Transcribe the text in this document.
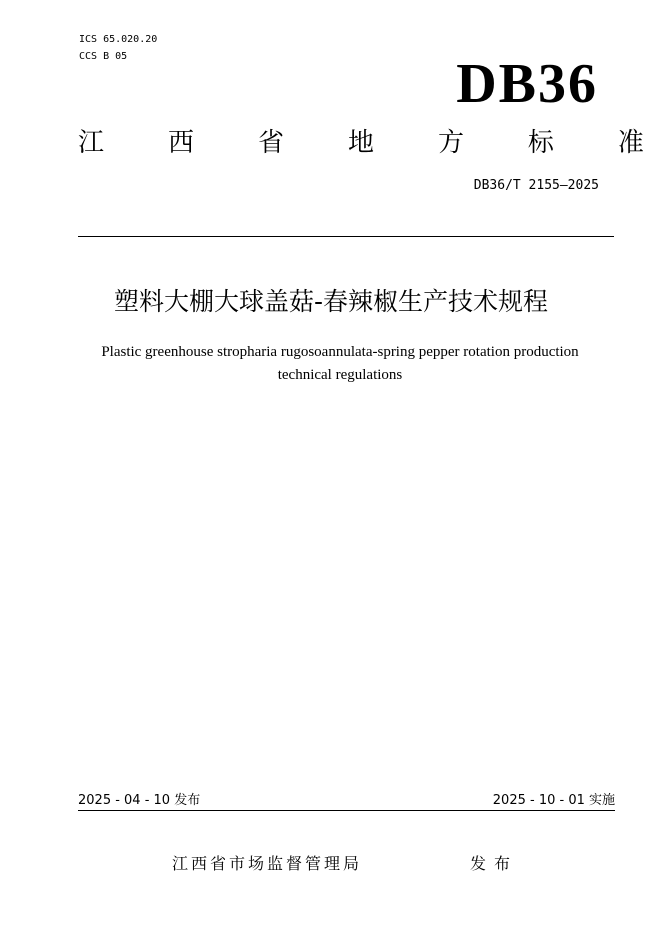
ICS 65.020.20
CCS B 05	DB36
江 西 省 地 方 标 准
DB36/T 2155—2025
塑料大棚大球盖菇-春辣椒生产技术规程
Plastic greenhouse stropharia rugosoannulata-spring pepper rotation production
technical regulations
2025 - 04 - 10 发布	2025 - 10 - 01 实施
江西省市场监督管理局	发布
